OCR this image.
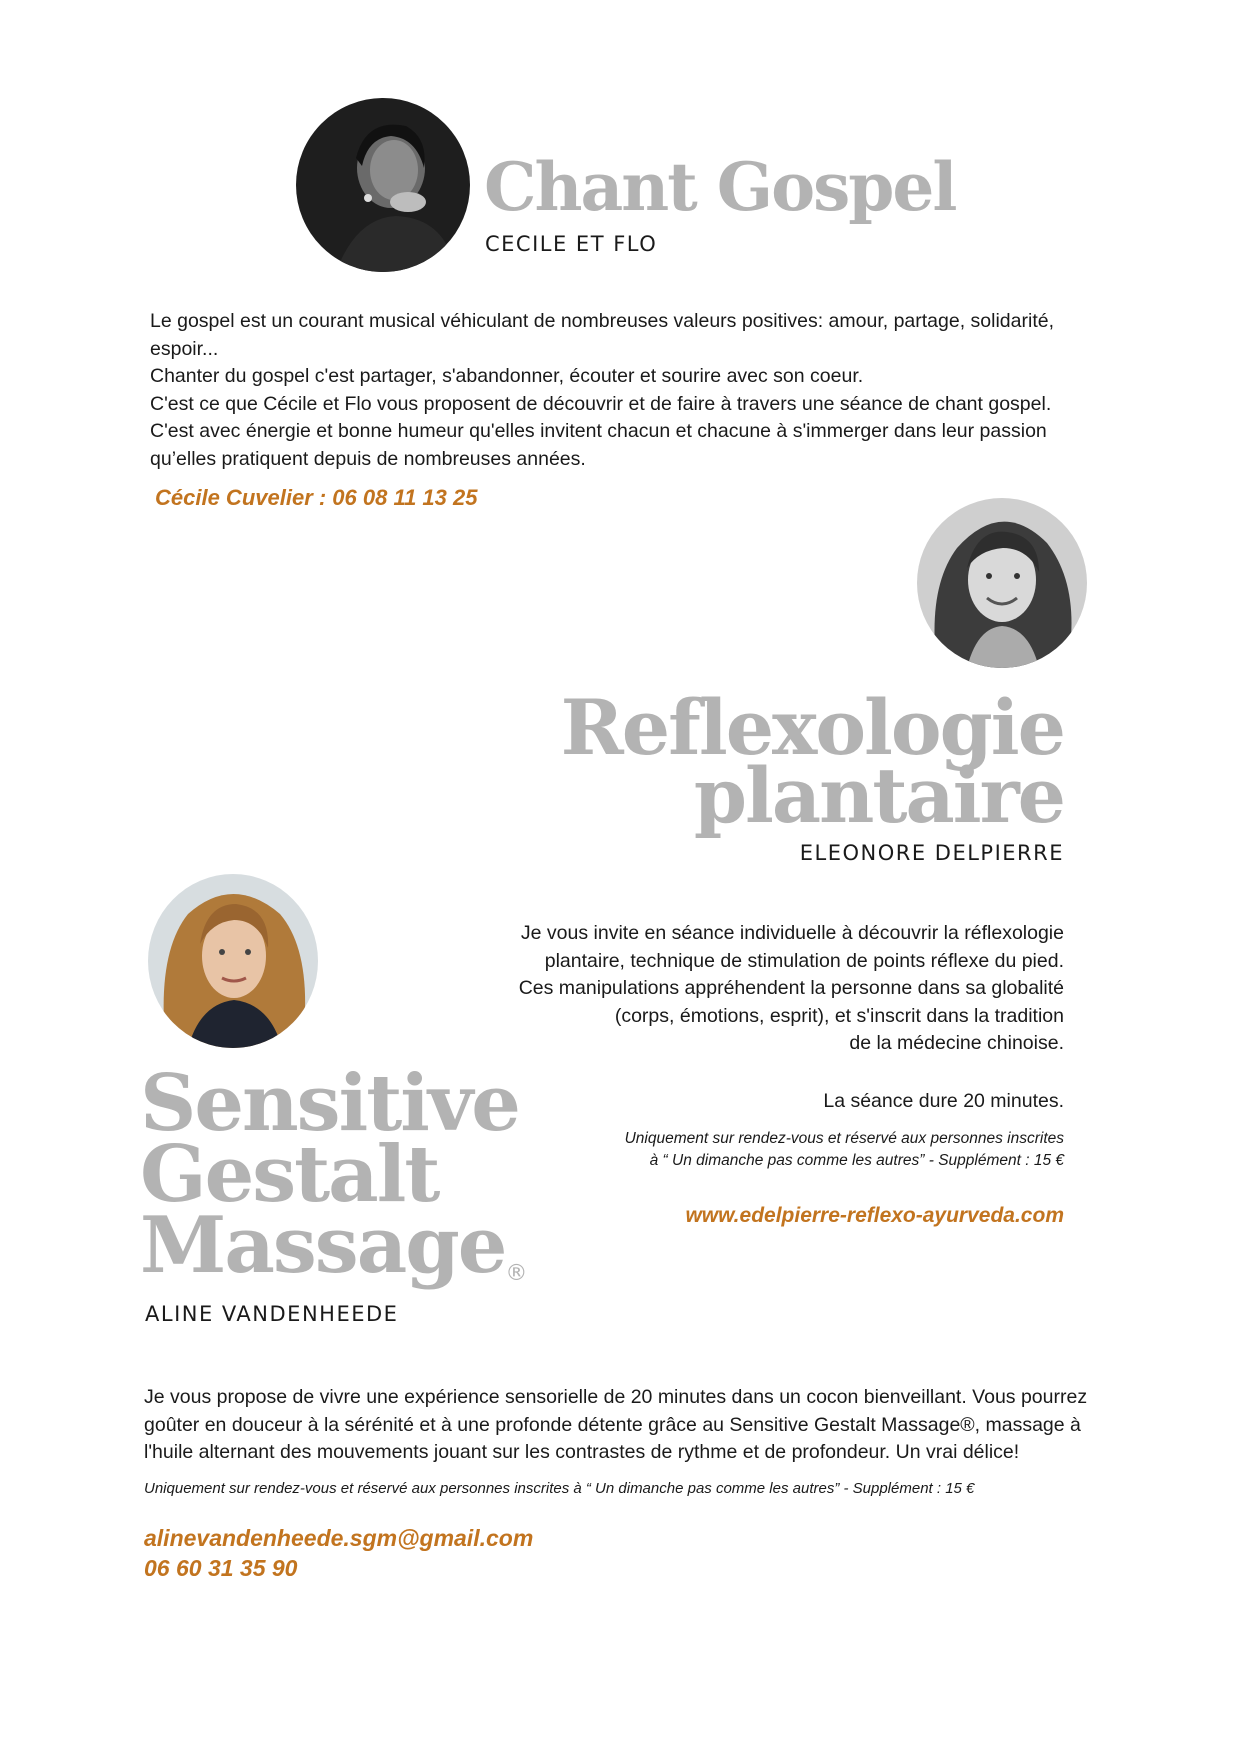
Chant Gospel
CECILE ET FLO
Le gospel est un courant musical véhiculant de nombreuses valeurs positives: amour, partage, solidarité,
espoir...
Chanter du gospel c'est partager, s'abandonner, écouter et sourire avec son coeur.
C'est ce que Cécile et Flo vous proposent de découvrir et de faire à travers une séance de chant gospel.
C'est avec énergie et bonne humeur qu'elles invitent chacun et chacune à s'immerger dans leur passion
qu’elles pratiquent depuis de nombreuses années.
Cécile Cuvelier : 06 08 11 13 25
Reflexologie
plantaire
ELEONORE DELPIERRE
Je vous invite en séance individuelle à découvrir la réflexologie
plantaire, technique de stimulation de points réflexe du pied.
Ces manipulations appréhendent la personne dans sa globalité
(corps, émotions, esprit), et s'inscrit dans la tradition
de la médecine chinoise.
La séance dure 20 minutes.
Uniquement sur rendez-vous et réservé aux personnes inscrites
à “ Un dimanche pas comme les autres” - Supplément : 15 €
www.edelpierre-reflexo-ayurveda.com
Sensitive
Gestalt
Massage®
ALINE VANDENHEEDE
Je vous propose de vivre une expérience sensorielle de 20 minutes dans un cocon bienveillant. Vous pourrez
goûter en douceur à la sérénité et à une profonde détente grâce au Sensitive Gestalt Massage®, massage à
l'huile alternant des mouvements jouant sur les contrastes de rythme et de profondeur. Un vrai délice!
Uniquement sur rendez-vous et réservé aux personnes inscrites à “ Un dimanche pas comme les autres” - Supplément : 15 €
alinevandenheede.sgm@gmail.com
06 60 31 35 90
